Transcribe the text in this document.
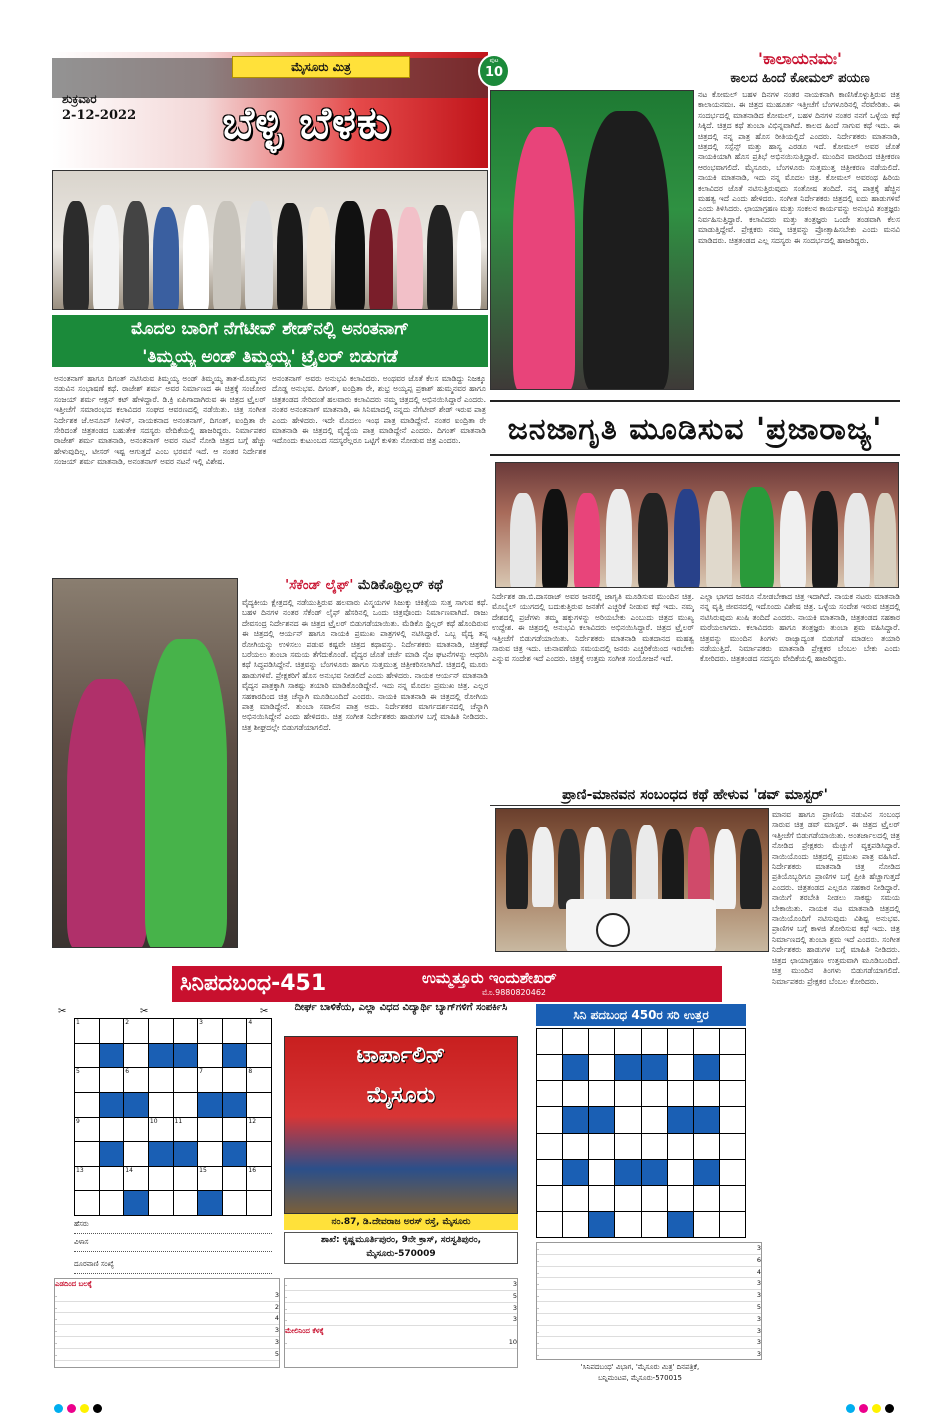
ಶುಕ್ರವಾರ
2-12-2022
ಮೈಸೂರು ಮಿತ್ರ
ಬೆಳ್ಳಿ ಬೆಳಕು
ಪುಟ
10
ಮೊದಲ ಬಾರಿಗೆ ನೆಗೆಟೀವ್ ಶೇಡ್‌ನಲ್ಲಿ ಅನಂತನಾಗ್
'ತಿಮ್ಮಯ್ಯ ಅಂಡ್ ತಿಮ್ಮಯ್ಯ' ಟ್ರೈಲರ್ ಬಿಡುಗಡೆ
ಅನಂತನಾಗ್ ಹಾಗೂ ದಿಗಂತ್ ನಟಿಸಿರುವ ತಿಮ್ಮಯ್ಯ ಅಂಡ್ ತಿಮ್ಮಯ್ಯ ತಾತ-ಮೊಮ್ಮಗನ ನಡುವಿನ ಸಂಭಾಷಣೆ ಕಥೆ. ರಾಜೇಶ್ ಶರ್ಮ ಅವರ ನಿರ್ಮಾಣದ ಈ ಚಿತ್ರಕ್ಕೆ ಸಂಜೋರ ಸಂಜಯ್ ಶರ್ಮ ಆಕ್ಷನ್ ಕಟ್ ಹೇಳಿದ್ದಾರೆ. ಡಿ.ಕ್ರಿ ಏಪಿಗಾದಾಗಿರುವ ಈ ಚಿತ್ರದ ಟ್ರೈಲರ್ ಇತ್ತೀಚೆಗೆ ಸಮಾರಂಭದ ಕಲಾವಿದರ ಸಂಘದ ಆವರಣದಲ್ಲಿ ನಡೆಯಿತು. ಚಿತ್ರ ಸಂಗೀತ ನಿರ್ದೇಶಕ ಜೆ.ಅನೂಪ್ ಸೀಳಿನ್, ನಾಯಕನಾದ ಅನಂತನಾಗ್, ದಿಗಂತ್, ಐಂದ್ರಿತಾ ರೇ ಸೇರಿದಂತೆ ಚಿತ್ರತಂಡದ ಬಹುತೇಕ ಸದಸ್ಯರು ವೇದಿಕೆಯಲ್ಲಿ ಹಾಜರಿದ್ದರು. ನಿರ್ಮಾಪಕರ ರಾಜೇಶ್ ಶರ್ಮ ಮಾತನಾಡಿ, ಅನಂತನಾಗ್ ಅವರ ನಟನೆ ನೋಡಿ ಚಿತ್ರದ ಬಗ್ಗೆ ಹೆಚ್ಚು ಹೇಳುವುದಿಲ್ಲ. ಟೀಸರ್ ಇಷ್ಟ ಆಗುತ್ತದೆ ಎಂಬ ಭರವಸೆ ಇದೆ. ಆ ನಂತರ ನಿರ್ದೇಶಕ ಸಂಜಯ್ ಶರ್ಮ ಮಾತನಾಡಿ, ಅನಂತನಾಗ್ ಅವರ ನಟನೆ ಇಲ್ಲಿ ವಿಶೇಷ.
ಅನಂತನಾಗ್ ಅವರು ಅನುಭವಿ ಕಲಾವಿದರು. ಅಂಥವರ ಜೊತೆ ಕೆಲಸ ಮಾಡಿದ್ದು ನಿಜಕ್ಕೂ ದೊಡ್ಡ ಅನುಭವ. ದಿಗಂತ್, ಐಂದ್ರಿತಾ ರೇ, ಶುಭ್ರ ಅಯ್ಯಪ್ಪ ಪ್ರಕಾಶ್ ಹುಮ್ಮನವರ ಹಾಗೂ ಚಿತ್ರತಂಡದ ಸೇರಿದಂತೆ ಹಲವಾರು ಕಲಾವಿದರು ನಮ್ಮ ಚಿತ್ರದಲ್ಲಿ ಅಭಿನಯಿಸಿದ್ದಾರೆ ಎಂದರು. ನಂತರ ಅನಂತನಾಗ್ ಮಾತನಾಡಿ, ಈ ಸಿನಿಮಾದಲ್ಲಿ ನನ್ನದು ನೆಗೆಟೀವ್ ಶೇಡ್ ಇರುವ ಪಾತ್ರ ಎಂದು ಹೇಳಿದರು. ಇದೇ ಮೊದಲು ಇಂಥ ಪಾತ್ರ ಮಾಡಿದ್ದೇನೆ. ನಂತರ ಐಂದ್ರಿತಾ ರೇ ಮಾತನಾಡಿ ಈ ಚಿತ್ರದಲ್ಲಿ ವೈದ್ಯೆಯ ಪಾತ್ರ ಮಾಡಿದ್ದೇನೆ ಎಂದರು. ದಿಗಂತ್ ಮಾತನಾಡಿ ಇದೊಂದು ಕುಟುಂಬದ ಸದಸ್ಯರೆಲ್ಲರೂ ಒಟ್ಟಿಗೆ ಕುಳಿತು ನೋಡುವ ಚಿತ್ರ ಎಂದರು.
'ಕಾಲಾಯನಮಃ'
ಕಾಲದ ಹಿಂದೆ ಕೋಮಲ್ ಪಯಣ
ನಟ ಕೋಮಲ್ ಬಹಳ ದಿನಗಳ ನಂತರ ನಾಯಕನಾಗಿ ಕಾಣಿಸಿಕೊಳ್ಳುತ್ತಿರುವ ಚಿತ್ರ ಕಾಲಾಯನಮಃ. ಈ ಚಿತ್ರದ ಮುಹೂರ್ತ ಇತ್ತೀಚೆಗೆ ಬೆಂಗಳೂರಿನಲ್ಲಿ ನೆರವೇರಿತು. ಈ ಸಂದರ್ಭದಲ್ಲಿ ಮಾತನಾಡಿದ ಕೋಮಲ್, ಬಹಳ ದಿನಗಳ ನಂತರ ನನಗೆ ಒಳ್ಳೆಯ ಕಥೆ ಸಿಕ್ಕಿದೆ. ಚಿತ್ರದ ಕಥೆ ತುಂಬಾ ವಿಭಿನ್ನವಾಗಿದೆ. ಕಾಲದ ಹಿಂದೆ ಸಾಗುವ ಕಥೆ ಇದು. ಈ ಚಿತ್ರದಲ್ಲಿ ನನ್ನ ಪಾತ್ರ ಹೊಸ ರೀತಿಯಲ್ಲಿದೆ ಎಂದರು. ನಿರ್ದೇಶಕರು ಮಾತನಾಡಿ, ಚಿತ್ರದಲ್ಲಿ ಸಸ್ಪೆನ್ಸ್ ಮತ್ತು ಹಾಸ್ಯ ಎರಡೂ ಇದೆ. ಕೋಮಲ್ ಅವರ ಜೊತೆ ನಾಯಕಿಯಾಗಿ ಹೊಸ ಪ್ರತಿಭೆ ಅಭಿನಯಿಸುತ್ತಿದ್ದಾರೆ. ಮುಂದಿನ ವಾರದಿಂದ ಚಿತ್ರೀಕರಣ ಆರಂಭವಾಗಲಿದೆ. ಮೈಸೂರು, ಬೆಂಗಳೂರು ಸುತ್ತಮುತ್ತ ಚಿತ್ರೀಕರಣ ನಡೆಯಲಿದೆ. ನಾಯಕಿ ಮಾತನಾಡಿ, ಇದು ನನ್ನ ಮೊದಲ ಚಿತ್ರ. ಕೋಮಲ್ ಅವರಂಥ ಹಿರಿಯ ಕಲಾವಿದರ ಜೊತೆ ನಟಿಸುತ್ತಿರುವುದು ಸಂತೋಷ ತಂದಿದೆ. ನನ್ನ ಪಾತ್ರಕ್ಕೆ ಹೆಚ್ಚಿನ ಮಹತ್ವ ಇದೆ ಎಂದು ಹೇಳಿದರು. ಸಂಗೀತ ನಿರ್ದೇಶಕರು ಚಿತ್ರದಲ್ಲಿ ಐದು ಹಾಡುಗಳಿವೆ ಎಂದು ತಿಳಿಸಿದರು. ಛಾಯಾಗ್ರಹಣ ಮತ್ತು ಸಂಕಲನ ಕಾರ್ಯವನ್ನು ಅನುಭವಿ ತಂತ್ರಜ್ಞರು ನಿರ್ವಹಿಸುತ್ತಿದ್ದಾರೆ. ಕಲಾವಿದರು ಮತ್ತು ತಂತ್ರಜ್ಞರು ಒಂದೇ ತಂಡವಾಗಿ ಕೆಲಸ ಮಾಡುತ್ತಿದ್ದೇವೆ. ಪ್ರೇಕ್ಷಕರು ನಮ್ಮ ಚಿತ್ರವನ್ನು ಪ್ರೋತ್ಸಾಹಿಸಬೇಕು ಎಂದು ಮನವಿ ಮಾಡಿದರು. ಚಿತ್ರತಂಡದ ಎಲ್ಲ ಸದಸ್ಯರು ಈ ಸಂದರ್ಭದಲ್ಲಿ ಹಾಜರಿದ್ದರು.
ಜನಜಾಗೃತಿ ಮೂಡಿಸುವ 'ಪ್ರಜಾರಾಜ್ಯ'
ನಿರ್ದೇಶಕ ಡಾ.ಬಿ.ದಾಸರಾಜ್ ಅವರ ಜನರಲ್ಲಿ ಜಾಗೃತಿ ಮೂಡಿಸುವ ಮುಂದಿನ ಚಿತ್ರ. ಮೊಬೈಲ್ ಯುಗದಲ್ಲಿ ಬದುಕುತ್ತಿರುವ ಜನತೆಗೆ ಎಚ್ಚರಿಕೆ ನೀಡುವ ಕಥೆ ಇದು. ನಮ್ಮ ದೇಶದಲ್ಲಿ ಪ್ರಜೆಗಳು ತಮ್ಮ ಹಕ್ಕುಗಳನ್ನು ಅರಿಯಬೇಕು ಎಂಬುದು ಚಿತ್ರದ ಮುಖ್ಯ ಉದ್ದೇಶ. ಈ ಚಿತ್ರದಲ್ಲಿ ಅನುಭವಿ ಕಲಾವಿದರು ಅಭಿನಯಿಸಿದ್ದಾರೆ. ಚಿತ್ರದ ಟ್ರೈಲರ್ ಇತ್ತೀಚೆಗೆ ಬಿಡುಗಡೆಯಾಯಿತು. ನಿರ್ದೇಶಕರು ಮಾತನಾಡಿ ಮತದಾನದ ಮಹತ್ವ ಸಾರುವ ಚಿತ್ರ ಇದು. ಚುನಾವಣೆಯ ಸಮಯದಲ್ಲಿ ಜನರು ಎಚ್ಚರಿಕೆಯಿಂದ ಇರಬೇಕು ಎನ್ನುವ ಸಂದೇಶ ಇದೆ ಎಂದರು. ಚಿತ್ರಕ್ಕೆ ಉತ್ತಮ ಸಂಗೀತ ಸಂಯೋಜನೆ ಇದೆ.
ಎಲ್ಲಾ ಭಾಗದ ಜನರೂ ನೋಡಬೇಕಾದ ಚಿತ್ರ ಇದಾಗಿದೆ. ನಾಯಕ ನಟರು ಮಾತನಾಡಿ ನನ್ನ ವೃತ್ತಿ ಜೀವನದಲ್ಲಿ ಇದೊಂದು ವಿಶೇಷ ಚಿತ್ರ. ಒಳ್ಳೆಯ ಸಂದೇಶ ಇರುವ ಚಿತ್ರದಲ್ಲಿ ನಟಿಸಿರುವುದು ಖುಷಿ ತಂದಿದೆ ಎಂದರು. ನಾಯಕಿ ಮಾತನಾಡಿ, ಚಿತ್ರತಂಡದ ಸಹಕಾರ ಮರೆಯಲಾಗದು. ಕಲಾವಿದರು ಹಾಗೂ ತಂತ್ರಜ್ಞರು ತುಂಬಾ ಶ್ರಮ ವಹಿಸಿದ್ದಾರೆ. ಚಿತ್ರವನ್ನು ಮುಂದಿನ ತಿಂಗಳು ರಾಜ್ಯಾದ್ಯಂತ ಬಿಡುಗಡೆ ಮಾಡಲು ತಯಾರಿ ನಡೆಯುತ್ತಿದೆ. ನಿರ್ಮಾಪಕರು ಮಾತನಾಡಿ ಪ್ರೇಕ್ಷಕರ ಬೆಂಬಲ ಬೇಕು ಎಂದು ಕೋರಿದರು. ಚಿತ್ರತಂಡದ ಸದಸ್ಯರು ವೇದಿಕೆಯಲ್ಲಿ ಹಾಜರಿದ್ದರು.
'ಸೆಕೆಂಡ್ ಲೈಫ್' ಮೆಡಿಕೊಥ್ರಿಲ್ಲರ್ ಕಥೆ
ವೈದ್ಯಕೀಯ ಕ್ಷೇತ್ರದಲ್ಲಿ ನಡೆಯುತ್ತಿರುವ ಹಲವಾರು ವಿಸ್ಮಯಗಳ ಸಿಜುಕ್ಕು ಚಿಕಿತ್ಸೆಯ ಸುತ್ತ ಸಾಗುವ ಕಥೆ. ಬಹಳ ದಿನಗಳ ನಂತರ ಸೆಕೆಂಡ್ ಲೈಫ್ ಹೆಸರಿನಲ್ಲಿ ಒಂದು ಚಿತ್ರವೊಂದು ನಿರ್ಮಾಣವಾಗಿದೆ. ರಾಜು ದೇವಸಂದ್ರ ನಿರ್ದೇಶನದ ಈ ಚಿತ್ರದ ಟ್ರೈಲರ್ ಬಿಡುಗಡೆಯಾಯಿತು. ಮೆಡಿಕೊ ಥ್ರಿಲ್ಲರ್ ಕಥೆ ಹೊಂದಿರುವ ಈ ಚಿತ್ರದಲ್ಲಿ ಆರ್ಯನ್ ಹಾಗೂ ನಾಯಕಿ ಪ್ರಮುಖ ಪಾತ್ರಗಳಲ್ಲಿ ನಟಿಸಿದ್ದಾರೆ. ಒಬ್ಬ ವೈದ್ಯ ತನ್ನ ರೋಗಿಯನ್ನು ಉಳಿಸಲು ಪಡುವ ಕಷ್ಟವೇ ಚಿತ್ರದ ಕಥಾವಸ್ತು. ನಿರ್ದೇಶಕರು ಮಾತನಾಡಿ, ಚಿತ್ರಕಥೆ ಬರೆಯಲು ತುಂಬಾ ಸಮಯ ತೆಗೆದುಕೊಂಡೆ. ವೈದ್ಯರ ಜೊತೆ ಚರ್ಚೆ ಮಾಡಿ ನೈಜ ಘಟನೆಗಳನ್ನು ಆಧರಿಸಿ ಕಥೆ ಸಿದ್ಧಪಡಿಸಿದ್ದೇನೆ. ಚಿತ್ರವನ್ನು ಬೆಂಗಳೂರು ಹಾಗೂ ಸುತ್ತಮುತ್ತ ಚಿತ್ರೀಕರಿಸಲಾಗಿದೆ. ಚಿತ್ರದಲ್ಲಿ ಮೂರು ಹಾಡುಗಳಿವೆ. ಪ್ರೇಕ್ಷಕರಿಗೆ ಹೊಸ ಅನುಭವ ನೀಡಲಿದೆ ಎಂದು ಹೇಳಿದರು. ನಾಯಕ ಆರ್ಯನ್ ಮಾತನಾಡಿ ವೈದ್ಯನ ಪಾತ್ರಕ್ಕಾಗಿ ಸಾಕಷ್ಟು ತಯಾರಿ ಮಾಡಿಕೊಂಡಿದ್ದೇನೆ. ಇದು ನನ್ನ ಮೊದಲ ಪ್ರಮುಖ ಚಿತ್ರ. ಎಲ್ಲರ ಸಹಕಾರದಿಂದ ಚಿತ್ರ ಚೆನ್ನಾಗಿ ಮೂಡಿಬಂದಿದೆ ಎಂದರು. ನಾಯಕಿ ಮಾತನಾಡಿ ಈ ಚಿತ್ರದಲ್ಲಿ ರೋಗಿಯ ಪಾತ್ರ ಮಾಡಿದ್ದೇನೆ. ತುಂಬಾ ಸವಾಲಿನ ಪಾತ್ರ ಅದು. ನಿರ್ದೇಶಕರ ಮಾರ್ಗದರ್ಶನದಲ್ಲಿ ಚೆನ್ನಾಗಿ ಅಭಿನಯಿಸಿದ್ದೇನೆ ಎಂದು ಹೇಳಿದರು. ಚಿತ್ರ ಸಂಗೀತ ನಿರ್ದೇಶಕರು ಹಾಡುಗಳ ಬಗ್ಗೆ ಮಾಹಿತಿ ನೀಡಿದರು. ಚಿತ್ರ ಶೀಘ್ರದಲ್ಲೇ ಬಿಡುಗಡೆಯಾಗಲಿದೆ.
ಪ್ರಾಣಿ-ಮಾನವನ ಸಂಬಂಧದ ಕಥೆ ಹೇಳುವ 'ಡವ್ ಮಾಸ್ಟರ್'
ಮಾನವ ಹಾಗೂ ಪ್ರಾಣಿಯ ನಡುವಿನ ಸಂಬಂಧ ಸಾರುವ ಚಿತ್ರ ಡವ್ ಮಾಸ್ಟರ್. ಈ ಚಿತ್ರದ ಟ್ರೈಲರ್ ಇತ್ತೀಚೆಗೆ ಬಿಡುಗಡೆಯಾಯಿತು. ಅಂತರ್ಜಾಲದಲ್ಲಿ ಚಿತ್ರ ನೋಡಿದ ಪ್ರೇಕ್ಷಕರು ಮೆಚ್ಚುಗೆ ವ್ಯಕ್ತಪಡಿಸಿದ್ದಾರೆ. ನಾಯಿಯೊಂದು ಚಿತ್ರದಲ್ಲಿ ಪ್ರಮುಖ ಪಾತ್ರ ವಹಿಸಿದೆ. ನಿರ್ದೇಶಕರು ಮಾತನಾಡಿ ಚಿತ್ರ ನೋಡಿದ ಪ್ರತಿಯೊಬ್ಬರಿಗೂ ಪ್ರಾಣಿಗಳ ಬಗ್ಗೆ ಪ್ರೀತಿ ಹೆಚ್ಚಾಗುತ್ತದೆ ಎಂದರು. ಚಿತ್ರತಂಡದ ಎಲ್ಲರೂ ಸಹಕಾರ ನೀಡಿದ್ದಾರೆ. ನಾಯಿಗೆ ತರಬೇತಿ ನೀಡಲು ಸಾಕಷ್ಟು ಸಮಯ ಬೇಕಾಯಿತು. ನಾಯಕ ನಟ ಮಾತನಾಡಿ ಚಿತ್ರದಲ್ಲಿ ನಾಯಿಯೊಂದಿಗೆ ನಟಿಸುವುದು ವಿಶಿಷ್ಟ ಅನುಭವ. ಪ್ರಾಣಿಗಳ ಬಗ್ಗೆ ಕಾಳಜಿ ತೋರಿಸುವ ಕಥೆ ಇದು. ಚಿತ್ರ ನಿರ್ಮಾಣದಲ್ಲಿ ತುಂಬಾ ಶ್ರಮ ಇದೆ ಎಂದರು. ಸಂಗೀತ ನಿರ್ದೇಶಕರು ಹಾಡುಗಳ ಬಗ್ಗೆ ಮಾಹಿತಿ ನೀಡಿದರು. ಚಿತ್ರದ ಛಾಯಾಗ್ರಹಣ ಉತ್ತಮವಾಗಿ ಮೂಡಿಬಂದಿದೆ. ಚಿತ್ರ ಮುಂದಿನ ತಿಂಗಳು ಬಿಡುಗಡೆಯಾಗಲಿದೆ. ನಿರ್ಮಾಪಕರು ಪ್ರೇಕ್ಷಕರ ಬೆಂಬಲ ಕೋರಿದರು.
ಸಿನಿಪದಬಂಧ-451	ಉಮ್ಮತ್ತೂರು ಇಂದುಶೇಖರ್
ಮೊ.9880820462
✂	✂	✂
1	2	3	4
5	6	7	8
9	10	11	12
13	14	15	16
ಹೆಸರು
ವಿಳಾಸ
ದೂರವಾಣಿ ಸಂಖ್ಯೆ
ಎಡದಿಂದ ಬಲಕ್ಕೆ
.	3
.	2
.	4
.	3
.	3
.	5
.	3
.	5
.	3
.	3
ಮೇಲಿನಿಂದ ಕೆಳಕ್ಕೆ
.	10
ದೀರ್ಘ ಬಾಳಿಕೆಯ, ಎಲ್ಲಾ ವಿಧದ ವಿದ್ಯಾರ್ಥಿ ಬ್ಯಾಗ್‌ಗಳಿಗೆ ಸಂಪರ್ಕಿಸಿ
ಟಾರ್ಪಾಲಿನ್
ಮೈಸೂರು
ನಂ.87, ಡಿ.ದೇವರಾಜ ಅರಸ್ ರಸ್ತೆ, ಮೈಸೂರು
ಶಾಖೆ: ಕೃಷ್ಣಮೂರ್ತಿಪುರಂ, 9ನೇ ಕ್ರಾಸ್, ಸರಸ್ವತಿಪುರಂ, ಮೈಸೂರು-570009
ಸಿನಿ ಪದಬಂಧ 450ರ ಸರಿ ಉತ್ತರ
.	3
.	6
.	4
.	3
.	3
.	5
.	3
.	3
.	3
.	3
'ಸಿನಿಪದಬಂಧ' ವಿಭಾಗ, 'ಮೈಸೂರು ಮಿತ್ರ' ದಿನಪತ್ರಿಕೆ,
ಬನ್ನಿಮಂಟಪ, ಮೈಸೂರು-570015
